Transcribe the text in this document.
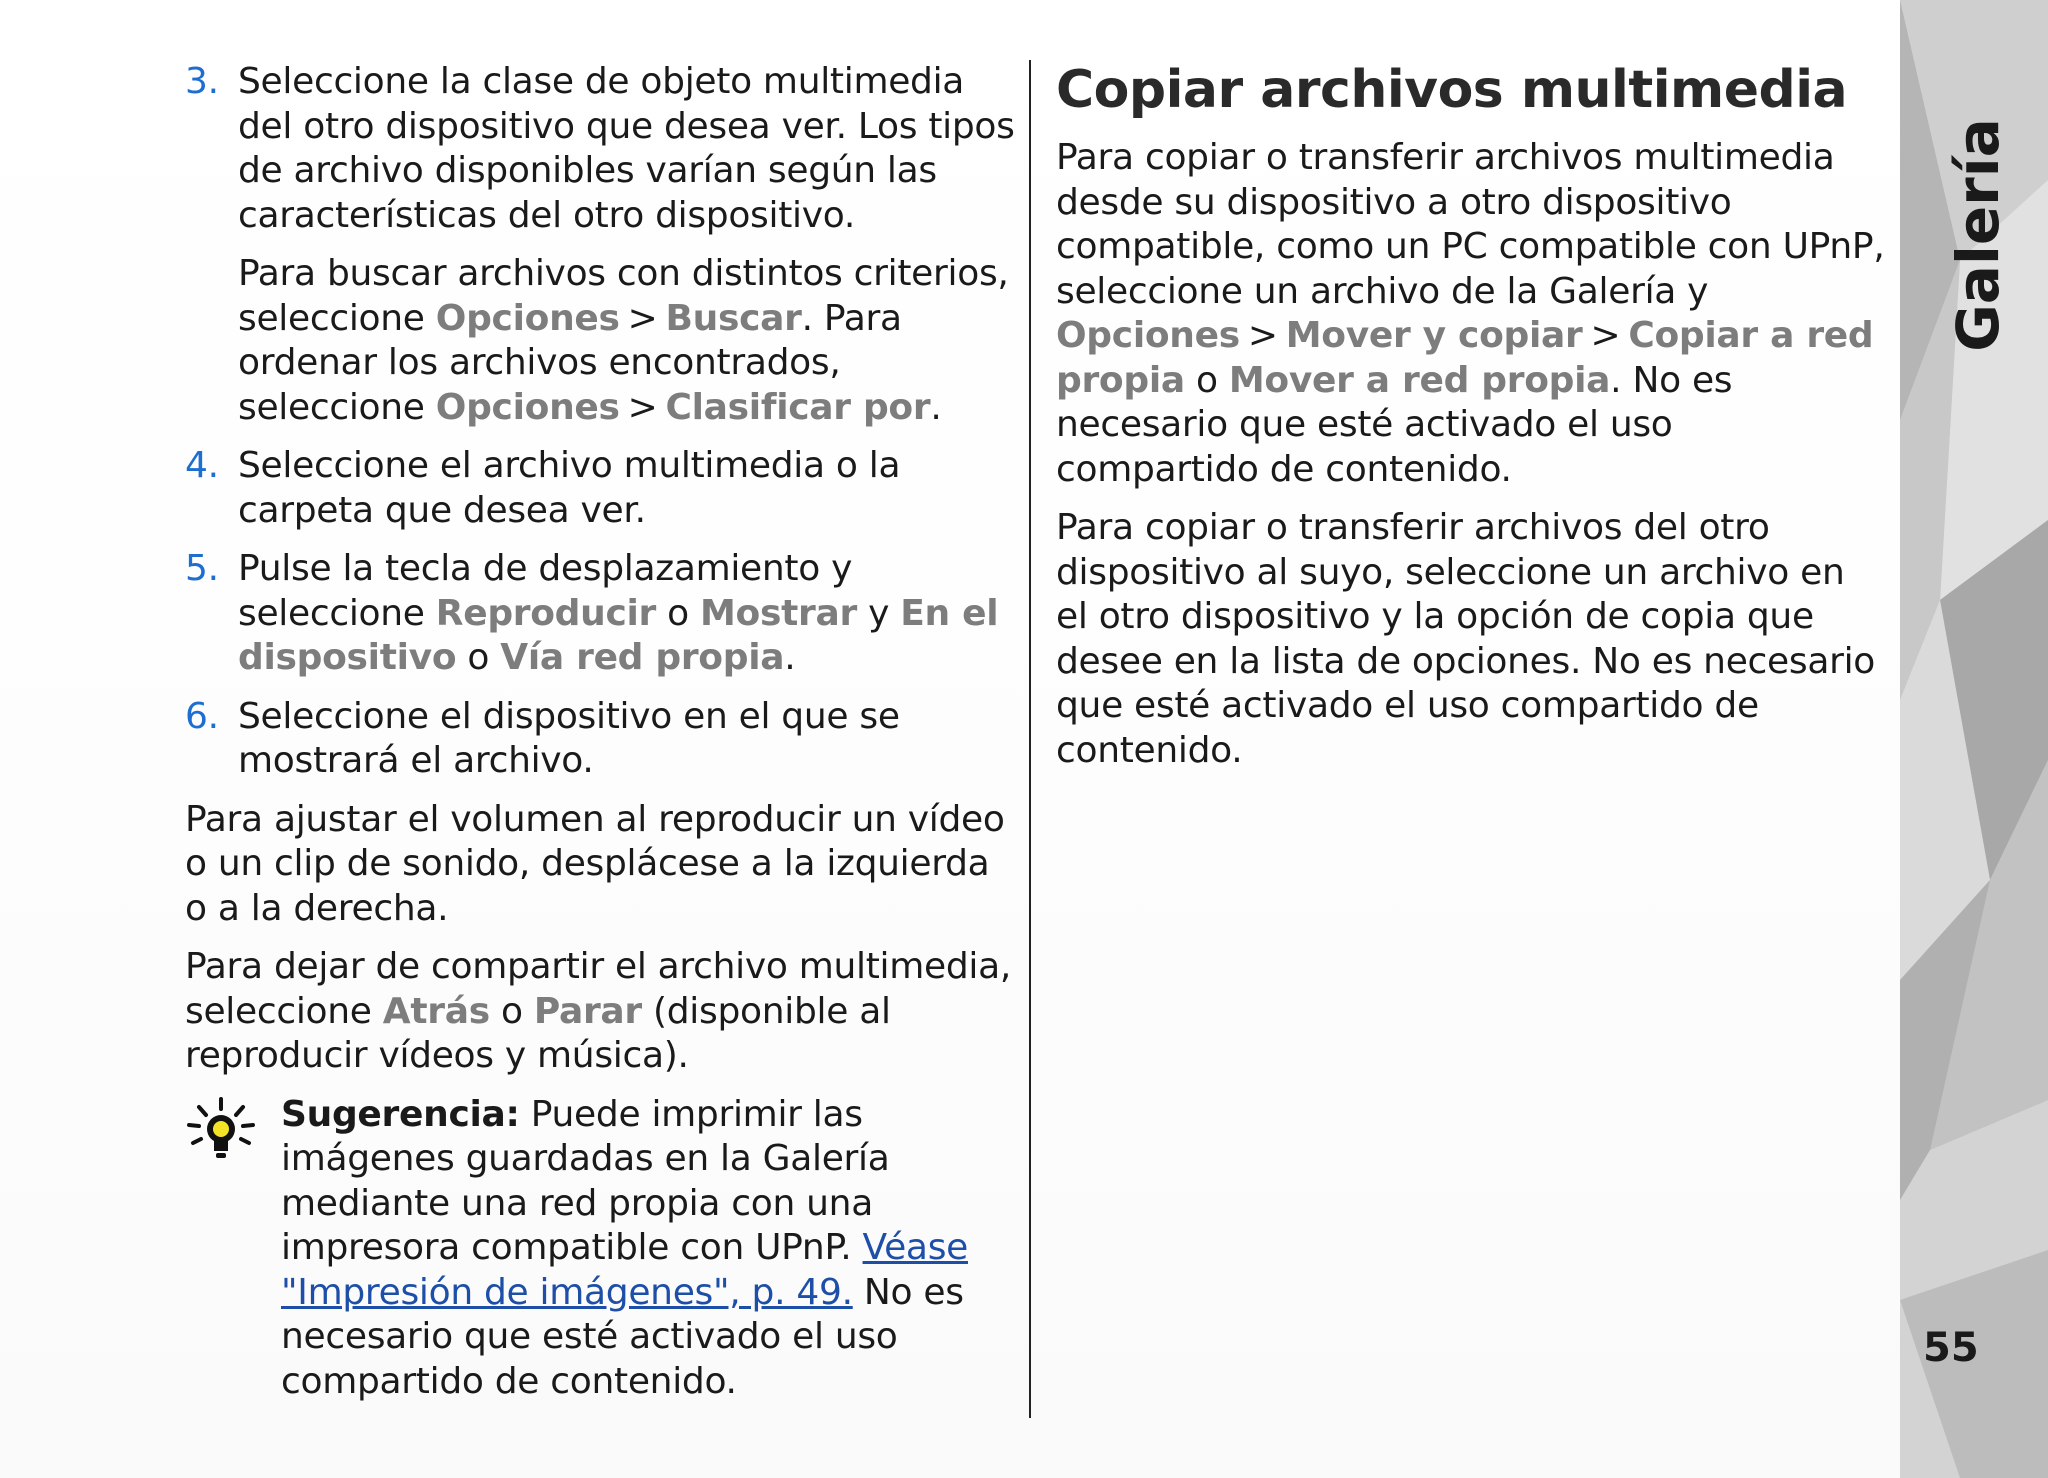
3. Seleccione la clase de objeto multimedia del otro dispositivo que desea ver. Los tipos de archivo disponibles varían según las características del otro dispositivo.

Para buscar archivos con distintos criterios, seleccione Opciones > Buscar. Para ordenar los archivos encontrados, seleccione Opciones > Clasificar por.

4. Seleccione el archivo multimedia o la carpeta que desea ver.

5. Pulse la tecla de desplazamiento y seleccione Reproducir o Mostrar y En el dispositivo o Vía red propia.

6. Seleccione el dispositivo en el que se mostrará el archivo.

Para ajustar el volumen al reproducir un vídeo o un clip de sonido, desplácese a la izquierda o a la derecha.

Para dejar de compartir el archivo multimedia, seleccione Atrás o Parar (disponible al reproducir vídeos y música).

Sugerencia: Puede imprimir las imágenes guardadas en la Galería mediante una red propia con una impresora compatible con UPnP. Véase "Impresión de imágenes", p. 49. No es necesario que esté activado el uso compartido de contenido.

Copiar archivos multimedia

Para copiar o transferir archivos multimedia desde su dispositivo a otro dispositivo compatible, como un PC compatible con UPnP, seleccione un archivo de la Galería y Opciones > Mover y copiar > Copiar a red propia o Mover a red propia. No es necesario que esté activado el uso compartido de contenido.

Para copiar o transferir archivos del otro dispositivo al suyo, seleccione un archivo en el otro dispositivo y la opción de copia que desee en la lista de opciones. No es necesario que esté activado el uso compartido de contenido.

Galería
55
